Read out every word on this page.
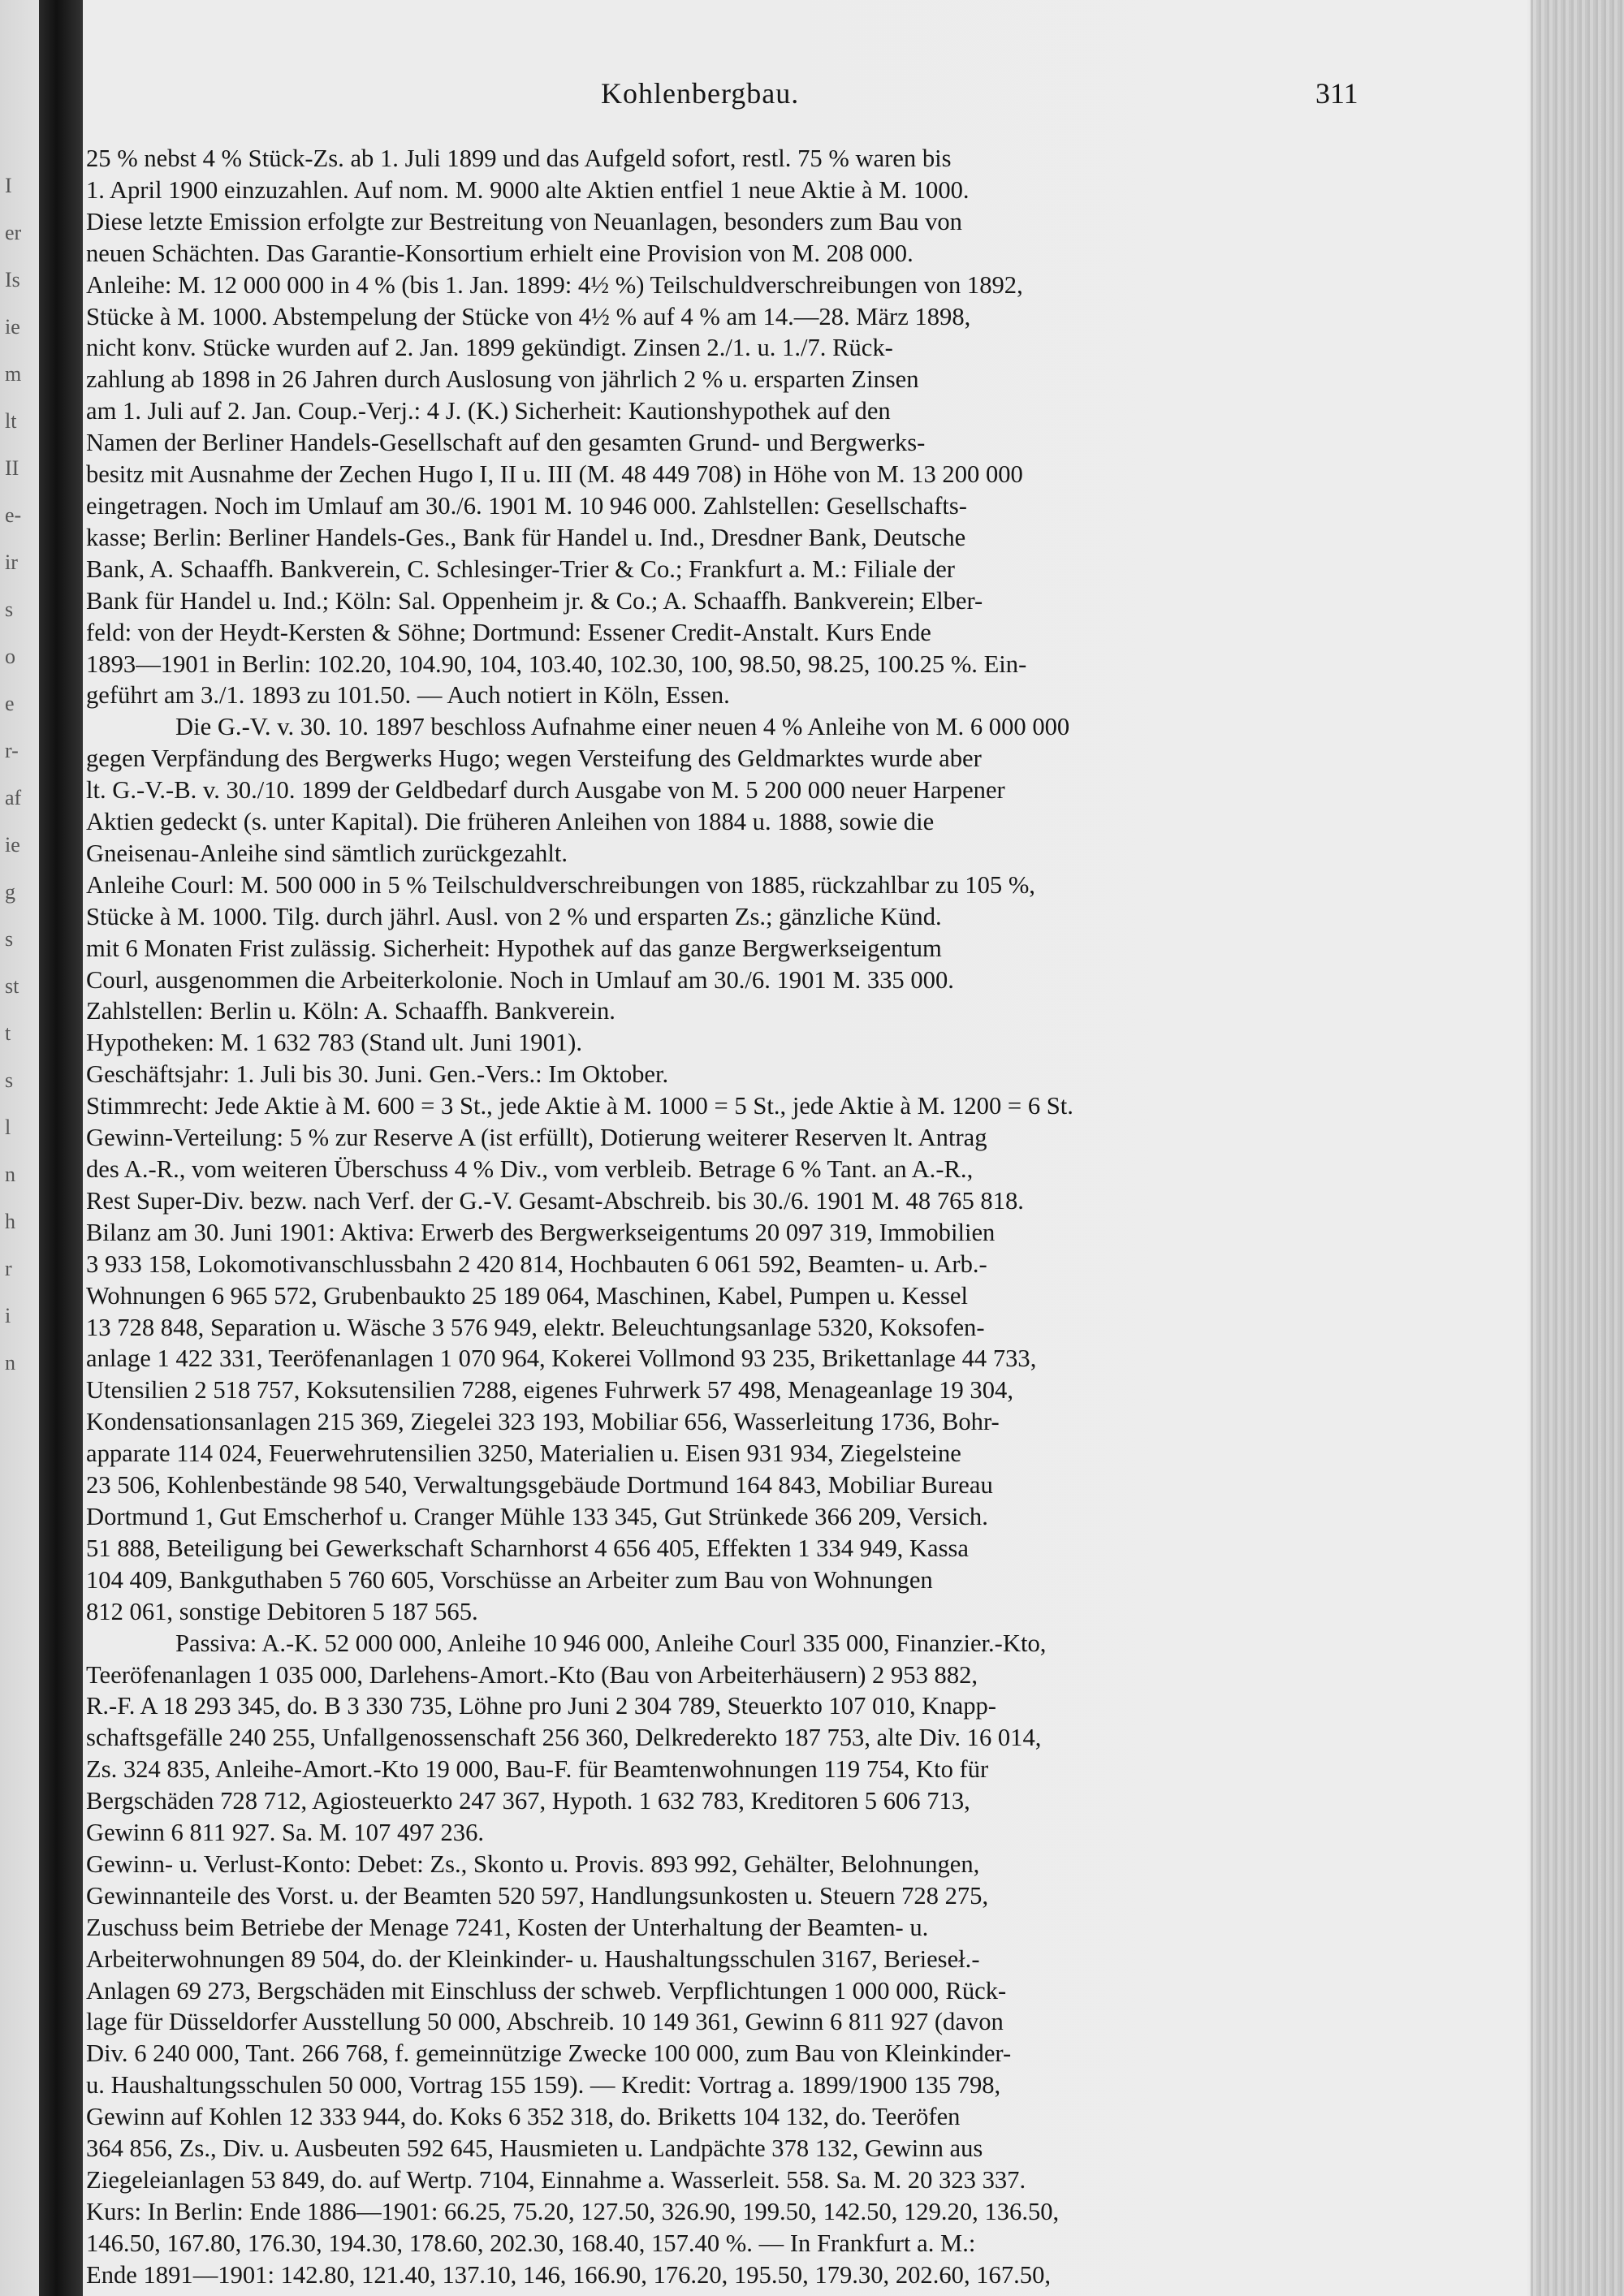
Kohlenbergbau.	311
I
er
Is
ie
m
lt
II
e-
ir
s
o
e
r-
af
ie
g
s
st
t
s
l
n
h
r
i
n
25 % nebst 4 % Stück-Zs. ab 1. Juli 1899 und das Aufgeld sofort, restl. 75 % waren bis
1. April 1900 einzuzahlen. Auf nom. M. 9000 alte Aktien entfiel 1 neue Aktie à M. 1000.
Diese letzte Emission erfolgte zur Bestreitung von Neuanlagen, besonders zum Bau von
neuen Schächten. Das Garantie-Konsortium erhielt eine Provision von M. 208 000.
Anleihe: M. 12 000 000 in 4 % (bis 1. Jan. 1899: 4½ %) Teilschuldverschreibungen von 1892,
Stücke à M. 1000. Abstempelung der Stücke von 4½ % auf 4 % am 14.—28. März 1898,
nicht konv. Stücke wurden auf 2. Jan. 1899 gekündigt. Zinsen 2./1. u. 1./7. Rück-
zahlung ab 1898 in 26 Jahren durch Auslosung von jährlich 2 % u. ersparten Zinsen
am 1. Juli auf 2. Jan. Coup.-Verj.: 4 J. (K.) Sicherheit: Kautionshypothek auf den
Namen der Berliner Handels-Gesellschaft auf den gesamten Grund- und Bergwerks-
besitz mit Ausnahme der Zechen Hugo I, II u. III (M. 48 449 708) in Höhe von M. 13 200 000
eingetragen. Noch im Umlauf am 30./6. 1901 M. 10 946 000. Zahlstellen: Gesellschafts-
kasse; Berlin: Berliner Handels-Ges., Bank für Handel u. Ind., Dresdner Bank, Deutsche
Bank, A. Schaaffh. Bankverein, C. Schlesinger-Trier & Co.; Frankfurt a. M.: Filiale der
Bank für Handel u. Ind.; Köln: Sal. Oppenheim jr. & Co.; A. Schaaffh. Bankverein; Elber-
feld: von der Heydt-Kersten & Söhne; Dortmund: Essener Credit-Anstalt. Kurs Ende
1893—1901 in Berlin: 102.20, 104.90, 104, 103.40, 102.30, 100, 98.50, 98.25, 100.25 %. Ein-
geführt am 3./1. 1893 zu 101.50. — Auch notiert in Köln, Essen.
Die G.-V. v. 30. 10. 1897 beschloss Aufnahme einer neuen 4 % Anleihe von M. 6 000 000
gegen Verpfändung des Bergwerks Hugo; wegen Versteifung des Geldmarktes wurde aber
lt. G.-V.-B. v. 30./10. 1899 der Geldbedarf durch Ausgabe von M. 5 200 000 neuer Harpener
Aktien gedeckt (s. unter Kapital). Die früheren Anleihen von 1884 u. 1888, sowie die
Gneisenau-Anleihe sind sämtlich zurückgezahlt.
Anleihe Courl: M. 500 000 in 5 % Teilschuldverschreibungen von 1885, rückzahlbar zu 105 %,
Stücke à M. 1000. Tilg. durch jährl. Ausl. von 2 % und ersparten Zs.; gänzliche Künd.
mit 6 Monaten Frist zulässig. Sicherheit: Hypothek auf das ganze Bergwerkseigentum
Courl, ausgenommen die Arbeiterkolonie. Noch in Umlauf am 30./6. 1901 M. 335 000.
Zahlstellen: Berlin u. Köln: A. Schaaffh. Bankverein.
Hypotheken: M. 1 632 783 (Stand ult. Juni 1901).
Geschäftsjahr: 1. Juli bis 30. Juni. Gen.-Vers.: Im Oktober.
Stimmrecht: Jede Aktie à M. 600 = 3 St., jede Aktie à M. 1000 = 5 St., jede Aktie à M. 1200 = 6 St.
Gewinn-Verteilung: 5 % zur Reserve A (ist erfüllt), Dotierung weiterer Reserven lt. Antrag
des A.-R., vom weiteren Überschuss 4 % Div., vom verbleib. Betrage 6 % Tant. an A.-R.,
Rest Super-Div. bezw. nach Verf. der G.-V. Gesamt-Abschreib. bis 30./6. 1901 M. 48 765 818.
Bilanz am 30. Juni 1901: Aktiva: Erwerb des Bergwerkseigentums 20 097 319, Immobilien
3 933 158, Lokomotivanschlussbahn 2 420 814, Hochbauten 6 061 592, Beamten- u. Arb.-
Wohnungen 6 965 572, Grubenbaukto 25 189 064, Maschinen, Kabel, Pumpen u. Kessel
13 728 848, Separation u. Wäsche 3 576 949, elektr. Beleuchtungsanlage 5320, Koksofen-
anlage 1 422 331, Teeröfenanlagen 1 070 964, Kokerei Vollmond 93 235, Brikettanlage 44 733,
Utensilien 2 518 757, Koksutensilien 7288, eigenes Fuhrwerk 57 498, Menageanlage 19 304,
Kondensationsanlagen 215 369, Ziegelei 323 193, Mobiliar 656, Wasserleitung 1736, Bohr-
apparate 114 024, Feuerwehrutensilien 3250, Materialien u. Eisen 931 934, Ziegelsteine
23 506, Kohlenbestände 98 540, Verwaltungsgebäude Dortmund 164 843, Mobiliar Bureau
Dortmund 1, Gut Emscherhof u. Cranger Mühle 133 345, Gut Strünkede 366 209, Versich.
51 888, Beteiligung bei Gewerkschaft Scharnhorst 4 656 405, Effekten 1 334 949, Kassa
104 409, Bankguthaben 5 760 605, Vorschüsse an Arbeiter zum Bau von Wohnungen
812 061, sonstige Debitoren 5 187 565.
Passiva: A.-K. 52 000 000, Anleihe 10 946 000, Anleihe Courl 335 000, Finanzier.-Kto,
Teeröfenanlagen 1 035 000, Darlehens-Amort.-Kto (Bau von Arbeiterhäusern) 2 953 882,
R.-F. A 18 293 345, do. B 3 330 735, Löhne pro Juni 2 304 789, Steuerkto 107 010, Knapp-
schaftsgefälle 240 255, Unfallgenossenschaft 256 360, Delkrederekto 187 753, alte Div. 16 014,
Zs. 324 835, Anleihe-Amort.-Kto 19 000, Bau-F. für Beamtenwohnungen 119 754, Kto für
Bergschäden 728 712, Agiosteuerkto 247 367, Hypoth. 1 632 783, Kreditoren 5 606 713,
Gewinn 6 811 927. Sa. M. 107 497 236.
Gewinn- u. Verlust-Konto: Debet: Zs., Skonto u. Provis. 893 992, Gehälter, Belohnungen,
Gewinnanteile des Vorst. u. der Beamten 520 597, Handlungsunkosten u. Steuern 728 275,
Zuschuss beim Betriebe der Menage 7241, Kosten der Unterhaltung der Beamten- u.
Arbeiterwohnungen 89 504, do. der Kleinkinder- u. Haushaltungsschulen 3167, Berieseł.-
Anlagen 69 273, Bergschäden mit Einschluss der schweb. Verpflichtungen 1 000 000, Rück-
lage für Düsseldorfer Ausstellung 50 000, Abschreib. 10 149 361, Gewinn 6 811 927 (davon
Div. 6 240 000, Tant. 266 768, f. gemeinnützige Zwecke 100 000, zum Bau von Kleinkinder-
u. Haushaltungsschulen 50 000, Vortrag 155 159). — Kredit: Vortrag a. 1899/1900 135 798,
Gewinn auf Kohlen 12 333 944, do. Koks 6 352 318, do. Briketts 104 132, do. Teeröfen
364 856, Zs., Div. u. Ausbeuten 592 645, Hausmieten u. Landpächte 378 132, Gewinn aus
Ziegeleianlagen 53 849, do. auf Wertp. 7104, Einnahme a. Wasserleit. 558. Sa. M. 20 323 337.
Kurs: In Berlin: Ende 1886—1901: 66.25, 75.20, 127.50, 326.90, 199.50, 142.50, 129.20, 136.50,
146.50, 167.80, 176.30, 194.30, 178.60, 202.30, 168.40, 157.40 %. — In Frankfurt a. M.:
Ende 1891—1901: 142.80, 121.40, 137.10, 146, 166.90, 176.20, 195.50, 179.30, 202.60, 167.50,
